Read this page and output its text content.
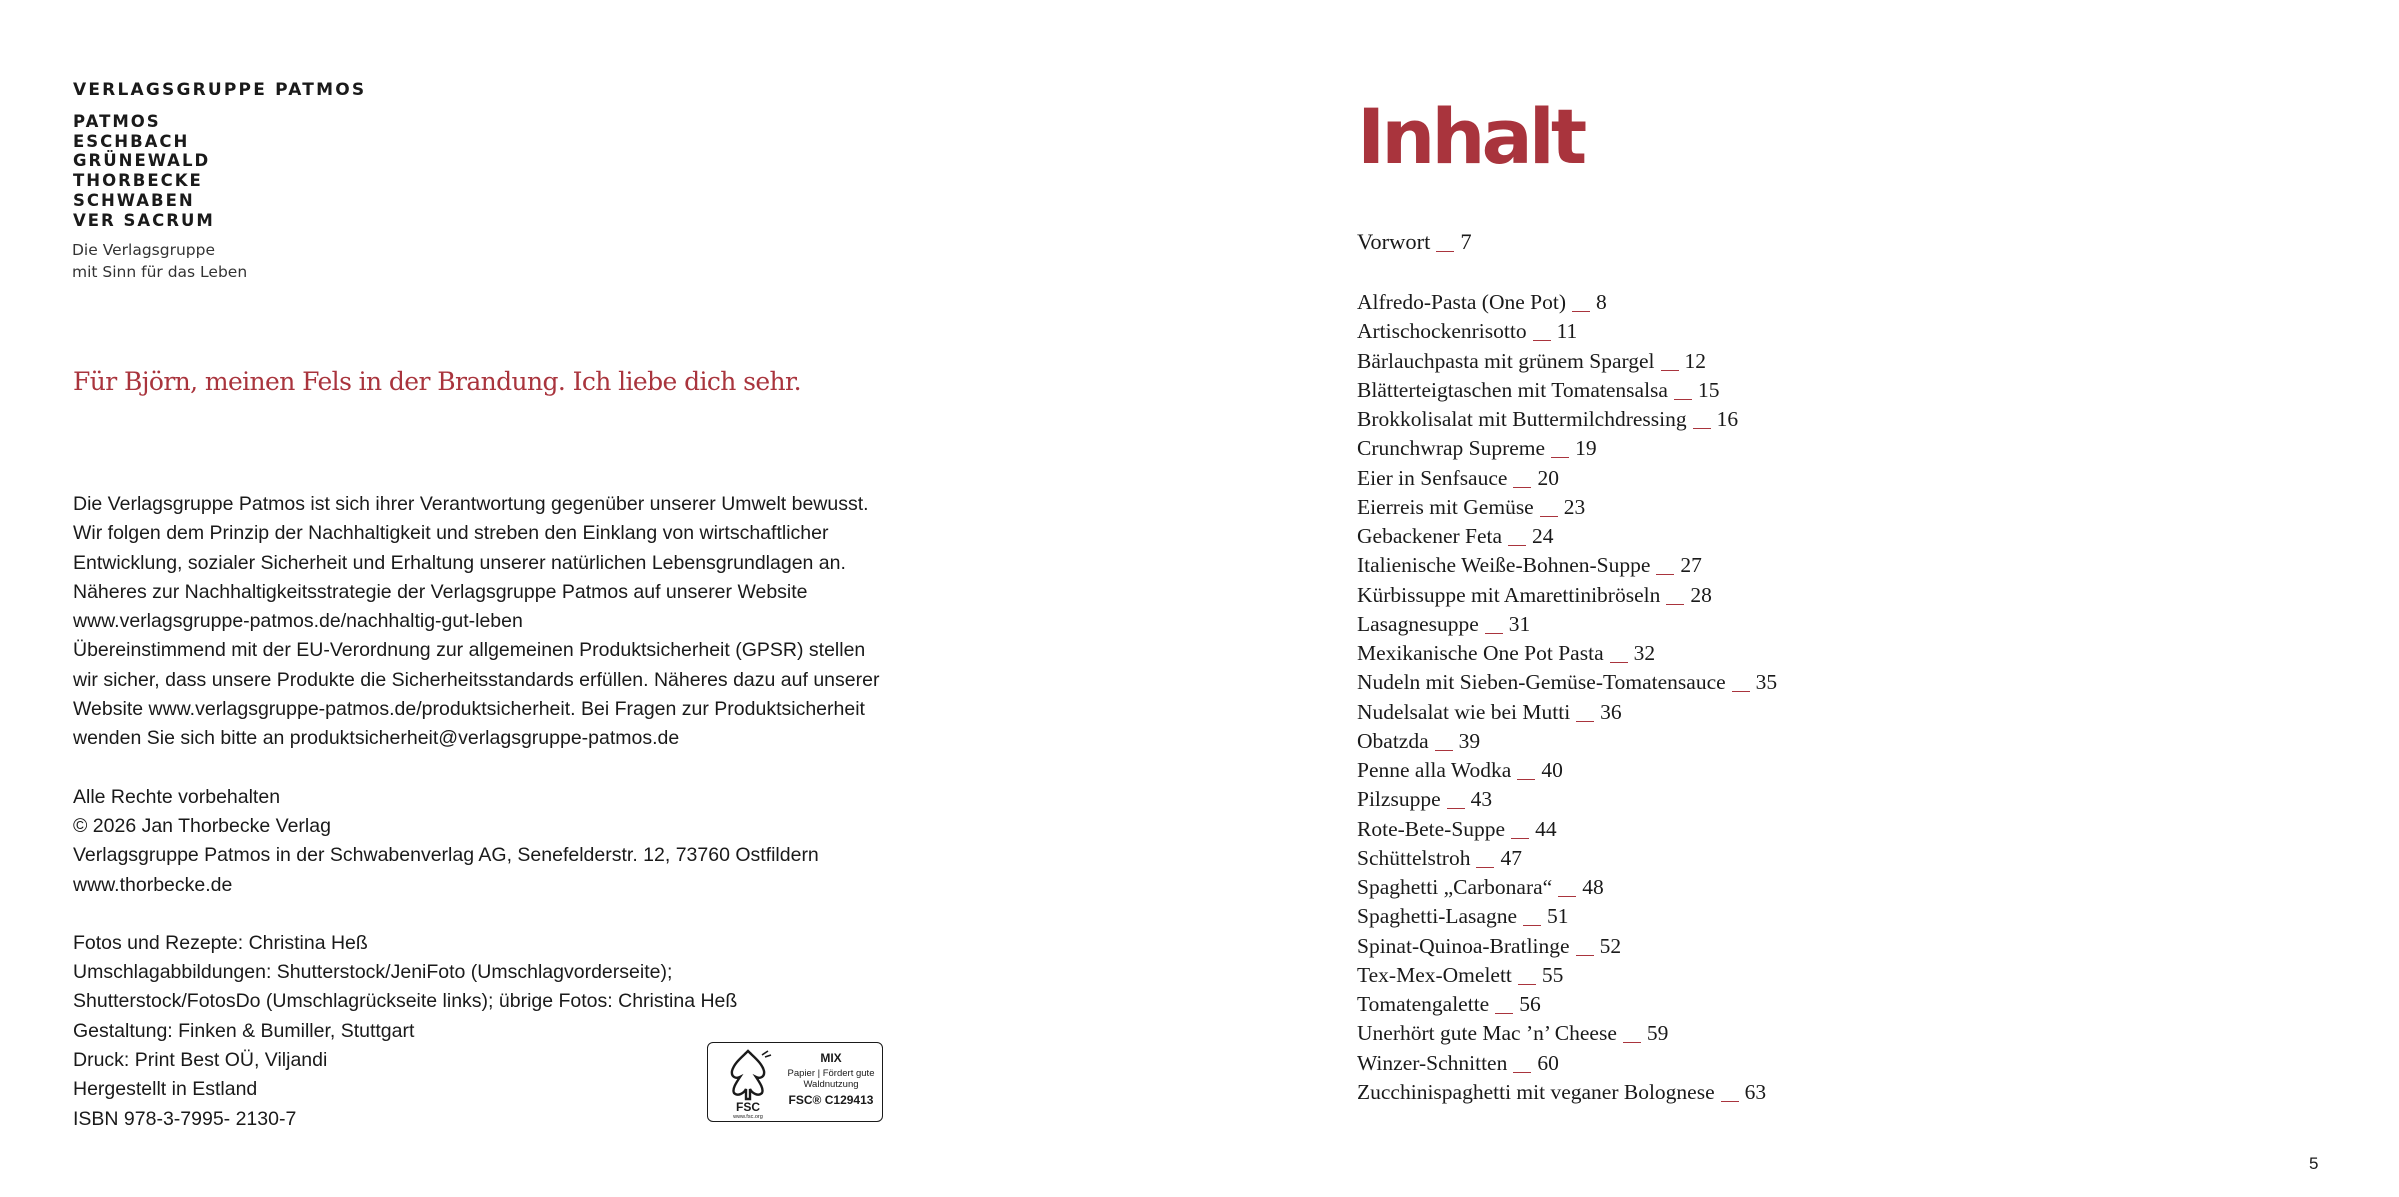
VERLAGSGRUPPE PATMOS
PATMOS
ESCHBACH
GRÜNEWALD
THORBECKE
SCHWABEN
VER SACRUM
Die Verlagsgruppe
mit Sinn für das Leben
Für Björn, meinen Fels in der Brandung. Ich liebe dich sehr.
Die Verlagsgruppe Patmos ist sich ihrer Verantwortung gegenüber unserer Umwelt bewusst.
Wir folgen dem Prinzip der Nachhaltigkeit und streben den Einklang von wirtschaftlicher
Entwicklung, sozialer Sicherheit und Erhaltung unserer natürlichen Lebensgrundlagen an.
Näheres zur Nachhaltigkeitsstrategie der Verlagsgruppe Patmos auf unserer Website
www.verlagsgruppe-patmos.de/nachhaltig-gut-leben
Übereinstimmend mit der EU-Verordnung zur allgemeinen Produktsicherheit (GPSR) stellen
wir sicher, dass unsere Produkte die Sicherheitsstandards erfüllen. Näheres dazu auf unserer
Website www.verlagsgruppe-patmos.de/produktsicherheit. Bei Fragen zur Produktsicherheit
wenden Sie sich bitte an produktsicherheit@verlagsgruppe-patmos.de
Alle Rechte vorbehalten
© 2026 Jan Thorbecke Verlag
Verlagsgruppe Patmos in der Schwabenverlag AG, Senefelderstr. 12, 73760 Ostfildern
www.thorbecke.de
Fotos und Rezepte: Christina Heß
Umschlagabbildungen: Shutterstock/JeniFoto (Umschlagvorderseite);
Shutterstock/FotosDo (Umschlagrückseite links); übrige Fotos: Christina Heß
Gestaltung: Finken & Bumiller, Stuttgart
Druck: Print Best OÜ, Viljandi
Hergestellt in Estland
ISBN 978-3-7995- 2130-7
FSC
www.fsc.org
MIX
Papier | Fördert gute Waldnutzung
FSC® C129413
Inhalt
Vorwort 7
Alfredo-Pasta (One Pot) 8
Artischockenrisotto 11
Bärlauchpasta mit grünem Spargel 12
Blätterteigtaschen mit Tomatensalsa 15
Brokkolisalat mit Buttermilchdressing 16
Crunchwrap Supreme 19
Eier in Senfsauce 20
Eierreis mit Gemüse 23
Gebackener Feta 24
Italienische Weiße-Bohnen-Suppe 27
Kürbissuppe mit Amarettinibröseln 28
Lasagnesuppe 31
Mexikanische One Pot Pasta 32
Nudeln mit Sieben-Gemüse-Tomatensauce 35
Nudelsalat wie bei Mutti 36
Obatzda 39
Penne alla Wodka 40
Pilzsuppe 43
Rote-Bete-Suppe 44
Schüttelstroh 47
Spaghetti „Carbonara“ 48
Spaghetti-Lasagne 51
Spinat-Quinoa-Bratlinge 52
Tex-Mex-Omelett 55
Tomatengalette 56
Unerhört gute Mac ’n’ Cheese 59
Winzer-Schnitten 60
Zucchinispaghetti mit veganer Bolognese 63
5
